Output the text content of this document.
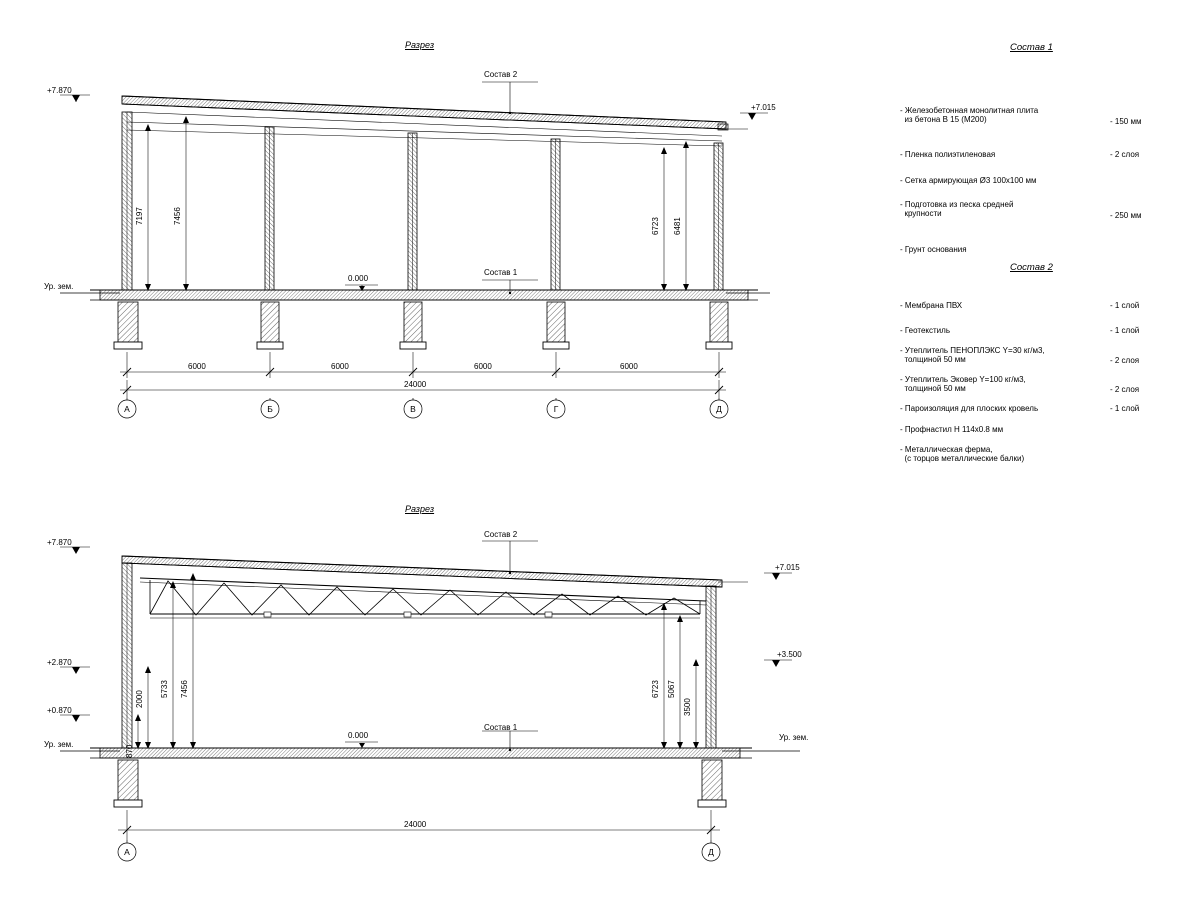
А	Б	В	Г	Д
А	Д
Разрез
+7.870
+7.015
0.000
Ур. зем.
Состав 2
Состав 1
7197	7456
6723 6481
6000	6000	6000	6000
24000
Разрез
+7.870
+7.015
+3.500
+2.870
+0.870
0.000
Ур. зем.
Ур. зем.
Состав 2
Состав 1
2000
870
5733 7456	6723 5067
3500
24000
Состав 1
- Железобетонная монолитная плита
из бетона В 15 (М200)	- 150 мм
- Пленка полиэтиленовая	- 2 слоя
- Сетка армирующая Ø3 100х100 мм
- Подготовка из песка средней
крупности	- 250 мм
- Грунт основания
Состав 2
- Мембрана ПВХ	- 1 слой
- Геотекстиль	- 1 слой
- Утеплитель ПЕНОПЛЭКС Y=30 кг/м3,
толщиной 50 мм	- 2 слоя
- Утеплитель Эковер Y=100 кг/м3,
толщиной 50 мм	- 2 слоя
- Пароизоляция для плоских кровель	- 1 слой
- Профнастил Н 114х0.8 мм
- Металлическая ферма,
(с торцов металлические балки)
